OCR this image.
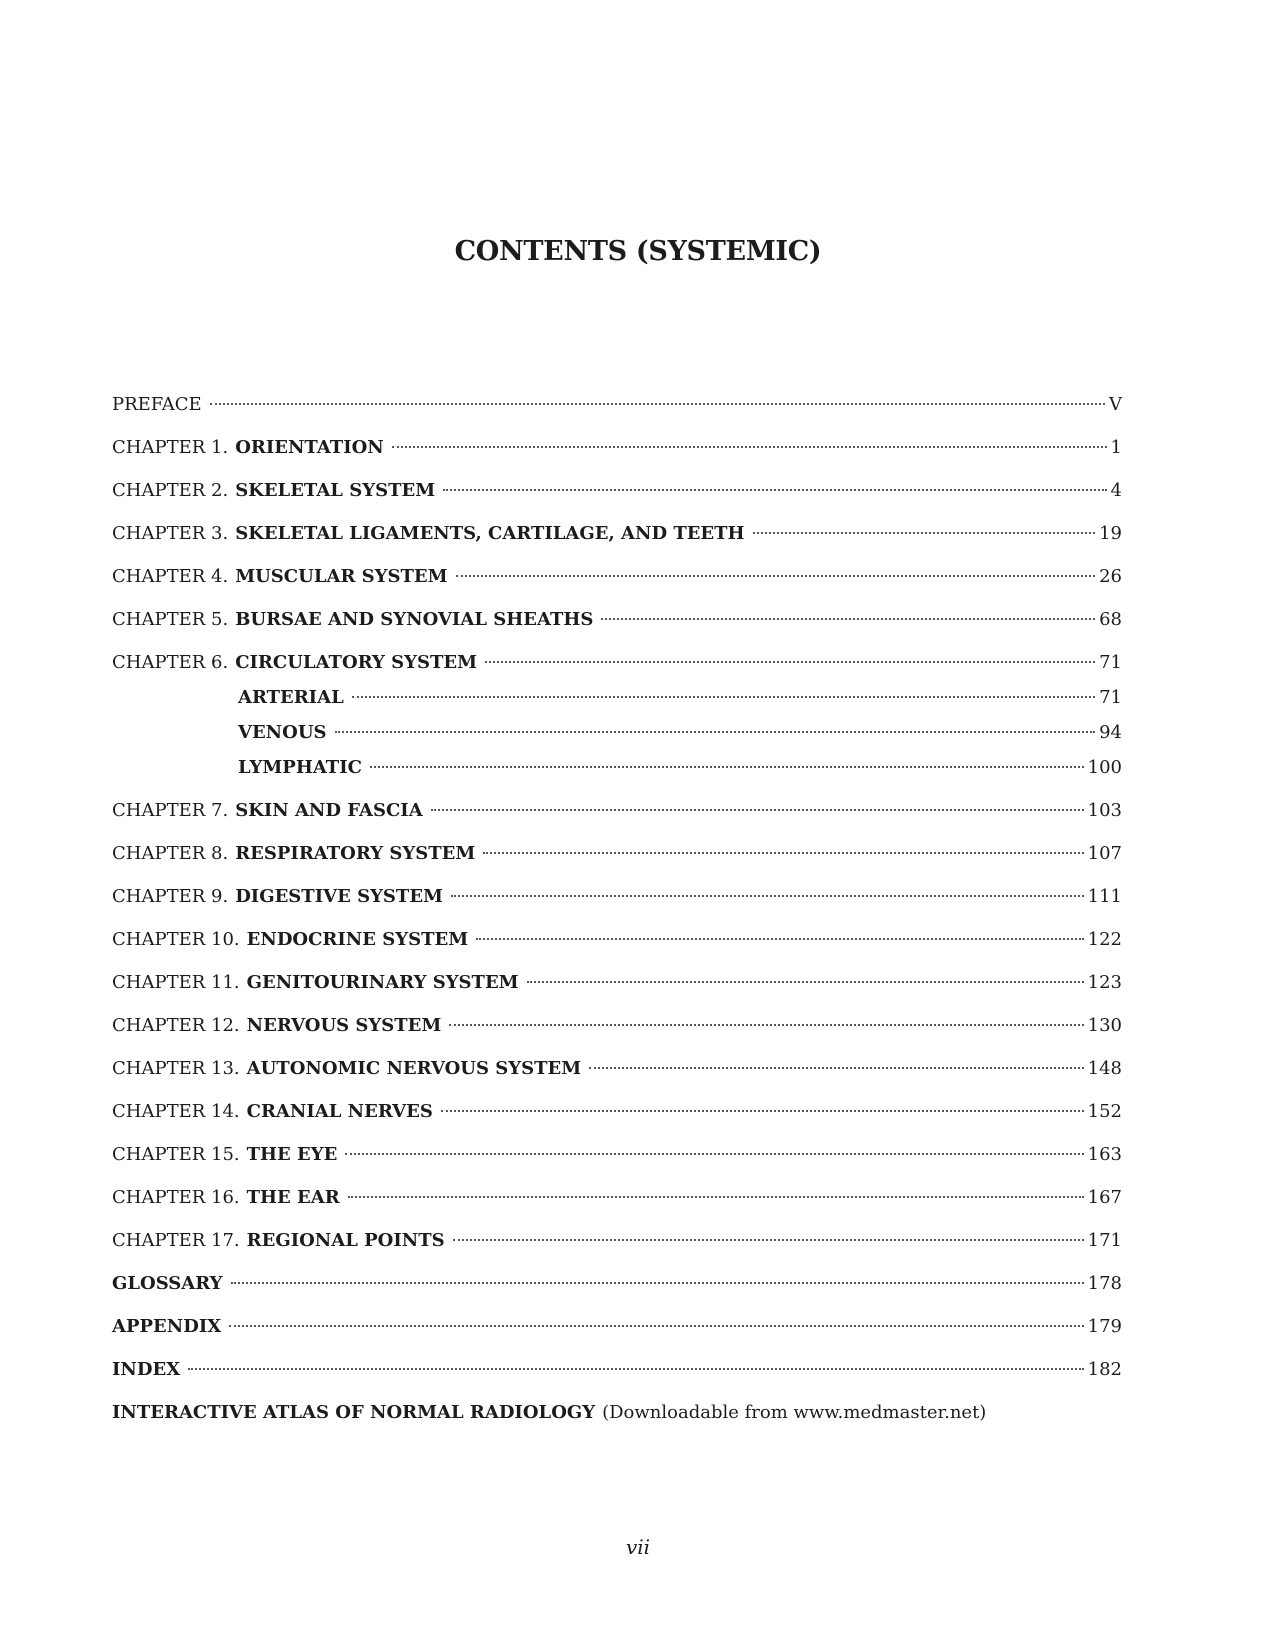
CONTENTS (SYSTEMIC)
PREFACE	V
CHAPTER 1. ORIENTATION	1
CHAPTER 2. SKELETAL SYSTEM	4
CHAPTER 3. SKELETAL LIGAMENTS, CARTILAGE, AND TEETH	19
CHAPTER 4. MUSCULAR SYSTEM	26
CHAPTER 5. BURSAE AND SYNOVIAL SHEATHS	68
CHAPTER 6. CIRCULATORY SYSTEM	71
ARTERIAL	71
VENOUS	94
LYMPHATIC	100
CHAPTER 7. SKIN AND FASCIA	103
CHAPTER 8. RESPIRATORY SYSTEM	107
CHAPTER 9. DIGESTIVE SYSTEM	111
CHAPTER 10. ENDOCRINE SYSTEM	122
CHAPTER 11. GENITOURINARY SYSTEM	123
CHAPTER 12. NERVOUS SYSTEM	130
CHAPTER 13. AUTONOMIC NERVOUS SYSTEM	148
CHAPTER 14. CRANIAL NERVES	152
CHAPTER 15. THE EYE	163
CHAPTER 16. THE EAR	167
CHAPTER 17. REGIONAL POINTS	171
GLOSSARY	178
APPENDIX	179
INDEX	182
INTERACTIVE ATLAS OF NORMAL RADIOLOGY (Downloadable from www.medmaster.net)
vii
